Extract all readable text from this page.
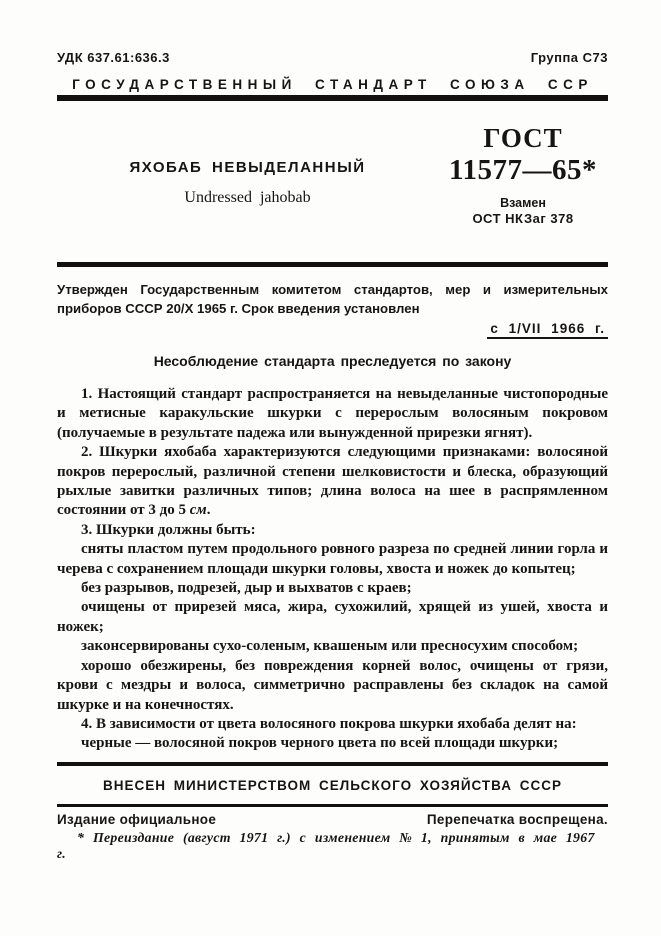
УДК 637.61:636.3	Группа С73
ГОСУДАРСТВЕННЫЙ СТАНДАРТ СОЮЗА ССР
ЯХОБАБ НЕВЫДЕЛАННЫЙ
Undressed jahobab
ГОСТ
11577—65*
Взамен
ОСТ НКЗаг 378
Утвержден Государственным комитетом стандартов, мер и измерительных приборов СССР 20/X 1965 г. Срок введения установлен
с 1/VII 1966 г.
Несоблюдение стандарта преследуется по закону

1. Настоящий стандарт распространяется на невыделанные чистопородные и метисные каракульские шкурки с перерослым волосяным покровом (получаемые в результате падежа или вынужденной прирезки ягнят).

2. Шкурки яхобаба характеризуются следующими признаками: волосяной покров перерослый, различной степени шелковистости и блеска, образующий рыхлые завитки различных типов; длина волоса на шее в распрямленном состоянии от 3 до 5 см.

3. Шкурки должны быть:

сняты пластом путем продольного ровного разреза по средней линии горла и черева с сохранением площади шкурки головы, хвоста и ножек до копытец;

без разрывов, подрезей, дыр и выхватов с краев;

очищены от прирезей мяса, жира, сухожилий, хрящей из ушей, хвоста и ножек;

законсервированы сухо-соленым, квашеным или пресносухим способом;

хорошо обезжирены, без повреждения корней волос, очищены от грязи, крови с мездры и волоса, симметрично расправлены без складок на самой шкурке и на конечностях.

4. В зависимости от цвета волосяного покрова шкурки яхобаба делят на:

черные — волосяной покров черного цвета по всей площади шкурки;

ВНЕСЕН МИНИСТЕРСТВОМ СЕЛЬСКОГО ХОЗЯЙСТВА СССР
Издание официальное	Перепечатка воспрещена.
* Переиздание (август 1971 г.) с изменением № 1, принятым в мае 1967 г.
